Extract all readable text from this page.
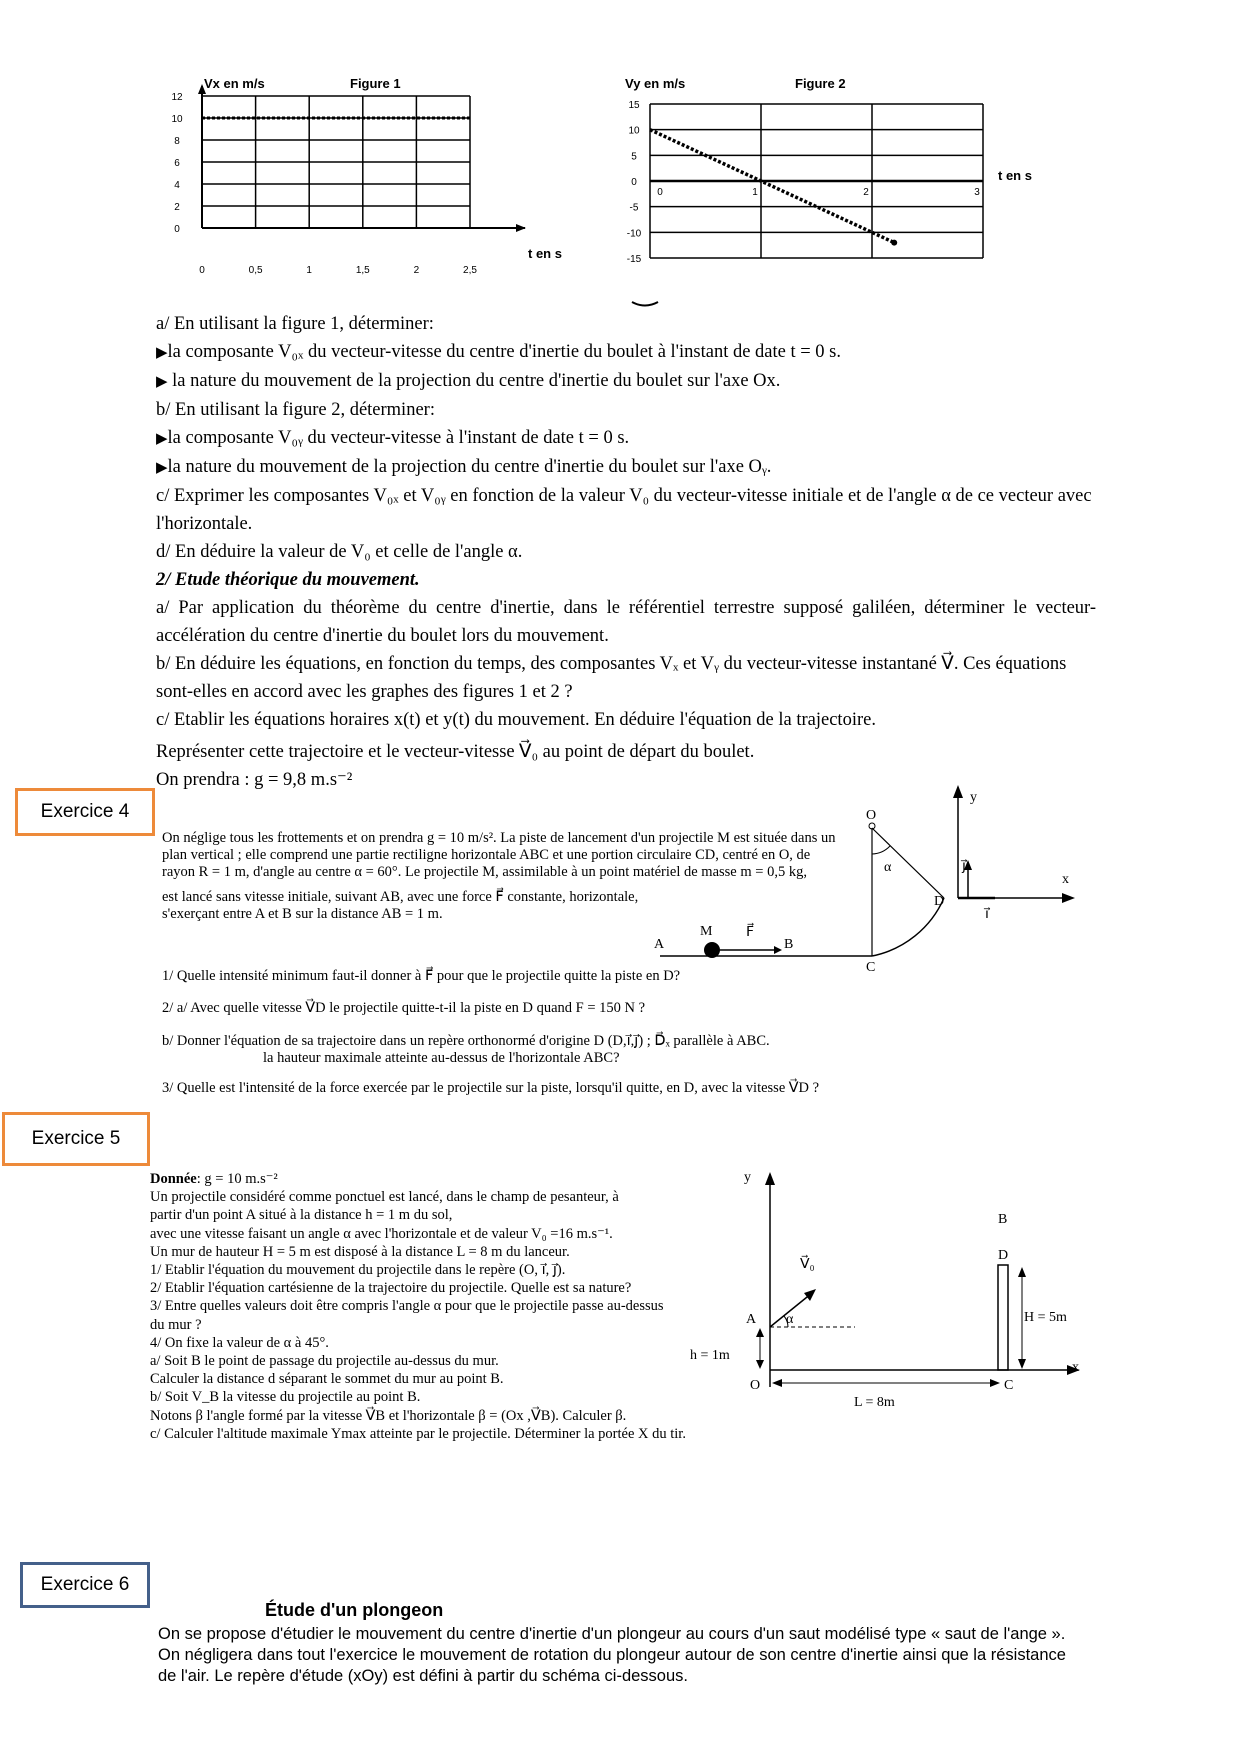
Vx en m/s	Figure 1
t en s
12
10
8
6
4
2
0
0	0,5	1	1,5	2	2,5
Vy en m/s	Figure 2
t en s
15
10
5
0
-5
-10
-15
0	1	2	3

a/ En utilisant la figure 1, déterminer:

▶la composante V₀ₓ du vecteur-vitesse du centre d'inertie du boulet à l'instant de date t = 0 s.

▶ la nature du mouvement de la projection du centre d'inertie du boulet sur l'axe Ox.

b/ En utilisant la figure 2, déterminer:

▶la composante V₀ᵧ du vecteur-vitesse à l'instant de date t = 0 s.

▶la nature du mouvement de la projection du centre d'inertie du boulet sur l'axe Oᵧ.

c/ Exprimer les composantes V₀ₓ et V₀ᵧ en fonction de la valeur V₀ du vecteur-vitesse initiale et de l'angle α de ce vecteur avec l'horizontale.

d/ En déduire la valeur de V₀ et celle de l'angle α.

2/ Etude théorique du mouvement.

a/ Par application du théorème du centre d'inertie, dans le référentiel terrestre supposé galiléen, déterminer le vecteur-accélération du centre d'inertie du boulet lors du mouvement.

b/ En déduire les équations, en fonction du temps, des composantes Vₓ et Vᵧ du vecteur-vitesse instantané V⃗. Ces équations sont-elles en accord avec les graphes des figures 1 et 2 ?

c/ Etablir les équations horaires x(t) et y(t) du mouvement. En déduire l'équation de la trajectoire.

Représenter cette trajectoire et le vecteur-vitesse V⃗₀ au point de départ du boulet.

On prendra : g = 9,8 m.s⁻²

Exercice 4

On néglige tous les frottements et on prendra g = 10 m/s². La piste de lancement d'un projectile M est située dans un plan vertical ; elle comprend une partie rectiligne horizontale ABC et une portion circulaire CD, centré en O, de rayon R = 1 m, d'angle au centre α = 60°. Le projectile M, assimilable à un point matériel de masse m = 0,5 kg,

est lancé sans vitesse initiale, suivant AB, avec une force F⃗ constante, horizontale, s'exerçant entre A et B sur la distance AB = 1 m.

1/ Quelle intensité minimum faut-il donner à F⃗ pour que le projectile quitte la piste en D?
2/ a/ Avec quelle vitesse V⃗D le projectile quitte-t-il la piste en D quand F = 150 N ?
b/ Donner l'équation de sa trajectoire dans un repère orthonormé d'origine D (D,i⃗,j⃗) ; D⃗ₓ parallèle à ABC.
la hauteur maximale atteinte au-dessus de l'horizontale ABC?
3/ Quelle est l'intensité de la force exercée par le projectile sur la piste, lorsqu'il quitte, en D, avec la vitesse V⃗D ?
O
α
D
C
A	B
M F⃗
y
x
i⃗
j⃗
Exercice 5

Donnée: g = 10 m.s⁻²

Un projectile considéré comme ponctuel est lancé, dans le champ de pesanteur, à partir d'un point A situé à la distance h = 1 m du sol,

avec une vitesse faisant un angle α avec l'horizontale et de valeur V₀ =16 m.s⁻¹.

Un mur de hauteur H = 5 m est disposé à la distance L = 8 m du lanceur.

1/ Etablir l'équation du mouvement du projectile dans le repère (O, i⃗, j⃗).

2/ Etablir l'équation cartésienne de la trajectoire du projectile. Quelle est sa nature?

3/ Entre quelles valeurs doit être compris l'angle α pour que le projectile passe au-dessus du mur ?

4/ On fixe la valeur de α à 45°.

a/ Soit B le point de passage du projectile au-dessus du mur.

Calculer la distance d séparant le sommet du mur au point B.

b/ Soit V_B la vitesse du projectile au point B.

Notons β l'angle formé par la vitesse V⃗B et l'horizontale β = (Ox ,V⃗B). Calculer β.

c/ Calculer l'altitude maximale Ymax atteinte par le projectile. Déterminer la portée X du tir.

y
x
O
A
B
C
D
V⃗₀
α
h = 1m
H = 5m
L = 8m
Exercice 6
Étude d'un plongeon
On se propose d'étudier le mouvement du centre d'inertie d'un plongeur au cours d'un saut modélisé type « saut de l'ange ». On négligera dans tout l'exercice le mouvement de rotation du plongeur autour de son centre d'inertie ainsi que la résistance de l'air. Le repère d'étude (xOy) est défini à partir du schéma ci-dessous.
